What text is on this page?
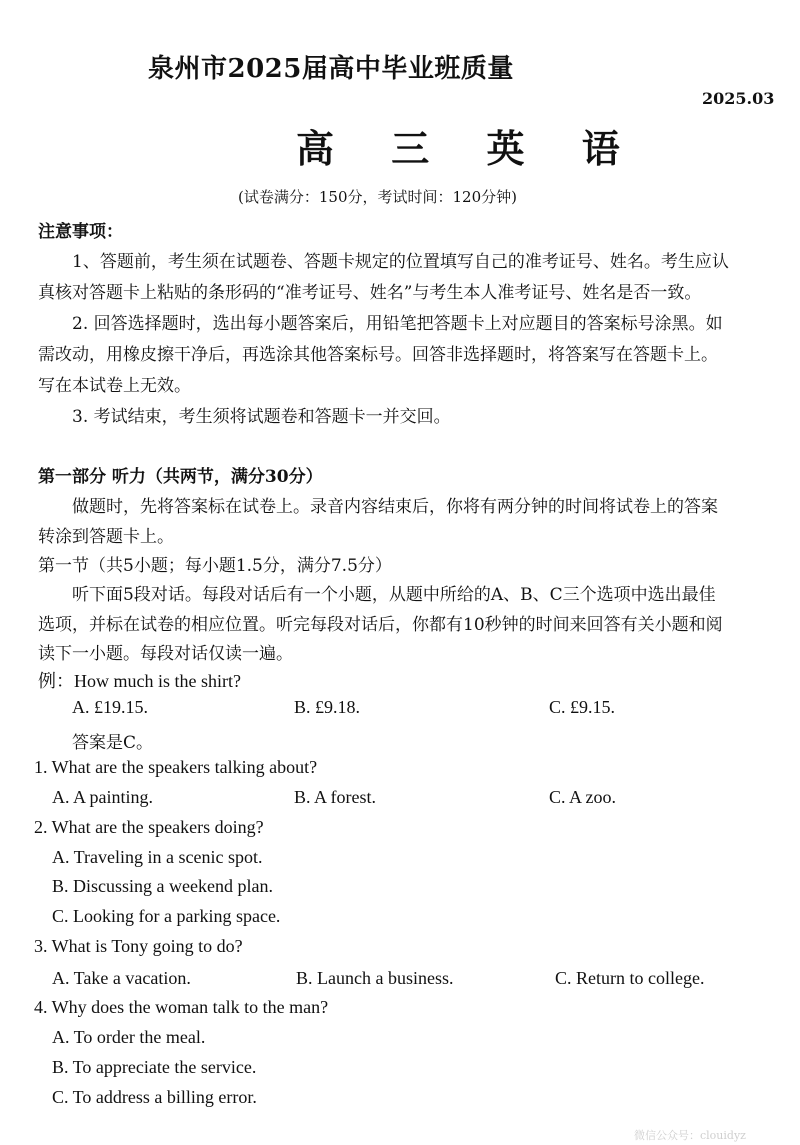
泉州市2025届高中毕业班质量
2025.03
高 三 英 语
(试卷满分：150分，考试时间：120分钟)
注意事项：
1、答题前，考生须在试题卷、答题卡规定的位置填写自己的准考证号、姓名。考生应认
真核对答题卡上粘贴的条形码的“准考证号、姓名”与考生本人准考证号、姓名是否一致。
2. 回答选择题时，选出每小题答案后，用铅笔把答题卡上对应题目的答案标号涂黑。如
需改动，用橡皮擦干净后，再选涂其他答案标号。回答非选择题时，将答案写在答题卡上。
写在本试卷上无效。
3. 考试结束，考生须将试题卷和答题卡一并交回。
第一部分 听力（共两节，满分30分）
做题时，先将答案标在试卷上。录音内容结束后，你将有两分钟的时间将试卷上的答案
转涂到答题卡上。
第一节（共5小题；每小题1.5分，满分7.5分）
听下面5段对话。每段对话后有一个小题，从题中所给的A、B、C三个选项中选出最佳
选项，并标在试卷的相应位置。听完每段对话后，你都有10秒钟的时间来回答有关小题和阅
读下一小题。每段对话仅读一遍。
例：How much is the shirt?
A. £19.15.	B. £9.18.	C. £9.15.
答案是C。
1. What are the speakers talking about?
A. A painting.	B. A forest.	C. A zoo.
2. What are the speakers doing?
A. Traveling in a scenic spot.
B. Discussing a weekend plan.
C. Looking for a parking space.
3. What is Tony going to do?
A. Take a vacation.	B. Launch a business.	C. Return to college.
4. Why does the woman talk to the man?
A. To order the meal.
B. To appreciate the service.
C. To address a billing error.
微信公众号：clouidyz
